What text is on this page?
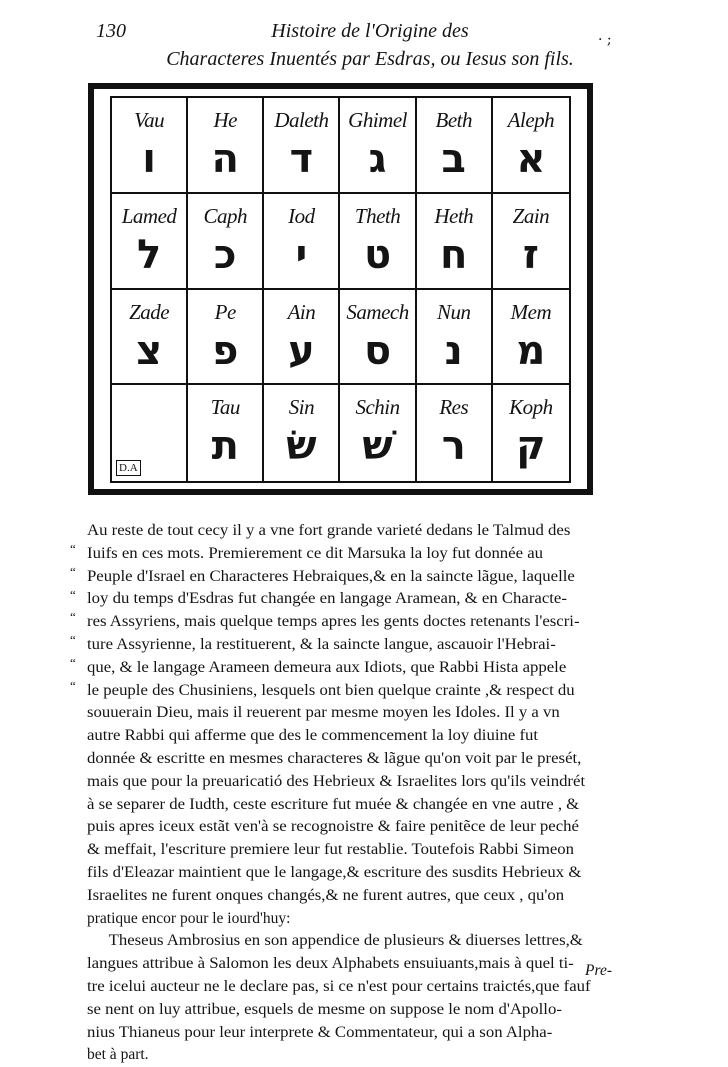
130	Histoire de l'Origine des
Characteres Inuentés par Esdras, ou Iesus son fils.
· ;
Vau
ו
He
ה
Daleth
ד
Ghimel
ג
Beth
ב
Aleph
א
Lamed
ל
Caph
כ
Iod
י
Theth
ט
Heth
ח
Zain
ז
Zade
צ
Pe
פ
Ain
ע
Samech
ס
Nun
נ
Mem
מ
D.A
Tau
ת
Sin
שׂ
Schin
שׁ
Res
ר
Koph
ק
“
“
“
“
“
“
“
Au reste de tout cecy il y a vne fort grande varieté dedans le Talmud des
Iuifs en ces mots. Premierement ce dit Marsuka la loy fut donnée au
Peuple d'Israel en Characteres Hebraiques,& en la saincte lãgue, laquelle
loy du temps d'Esdras fut changée en langage Aramean, & en Characte-
res Assyriens, mais quelque temps apres les gents doctes retenants l'escri-
ture Assyrienne, la restituerent, & la saincte langue, ascauoir l'Hebrai-
que, & le langage Arameen demeura aux Idiots, que Rabbi Hista appele
le peuple des Chusiniens, lesquels ont bien quelque crainte ,& respect du
souuerain Dieu, mais il reuerent par mesme moyen les Idoles. Il y a vn
autre Rabbi qui afferme que des le commencement la loy diuine fut
donnée & escritte en mesmes characteres & lãgue qu'on voit par le presét,
mais que pour la preuaricatió des Hebrieux & Israelites lors qu'ils veindrét
à se separer de Iudth, ceste escriture fut muée & changée en vne autre , &
puis apres iceux estãt ven'à se recognoistre & faire penitẽce de leur peché
& meffait, l'escriture premiere leur fut restablie. Toutefois Rabbi Simeon
fils d'Eleazar maintient que le langage,& escriture des susdits Hebrieux &
Israelites ne furent onques changés,& ne furent autres, que ceux , qu'on
pratique encor pour le iourd'huy:
Theseus Ambrosius en son appendice de plusieurs & diuerses lettres,&
langues attribue à Salomon les deux Alphabets ensuiuants,mais à quel ti-
tre icelui aucteur ne le declare pas, si ce n'est pour certains traictés,que fauf
se nent on luy attribue, esquels de mesme on suppose le nom d'Apollo-
nius Thianeus pour leur interprete & Commentateur, qui a son Alpha-
bet à part.
Pre-
